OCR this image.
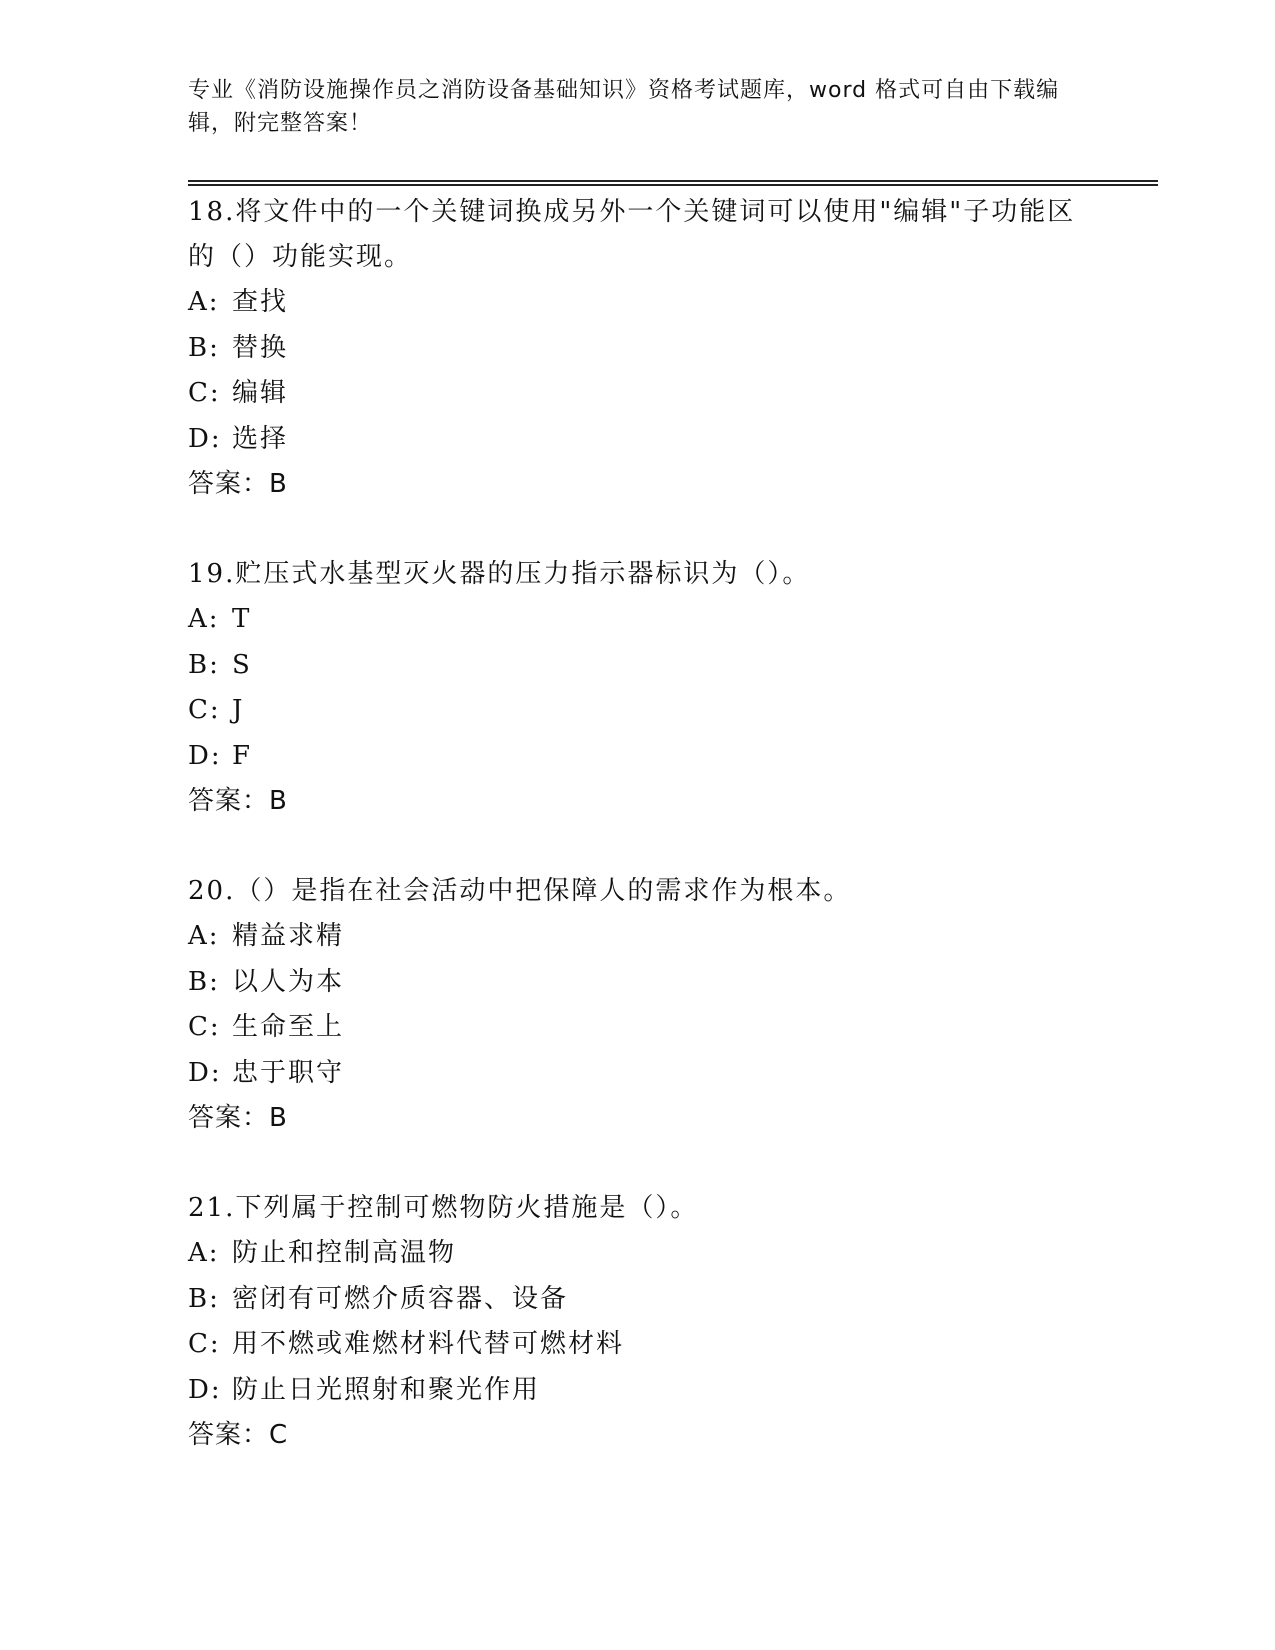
专业《消防设施操作员之消防设备基础知识》资格考试题库，word 格式可自由下载编辑，附完整答案！
18.将文件中的一个关键词换成另外一个关键词可以使用"编辑"子功能区的（）功能实现。
A: 查找
B: 替换
C: 编辑
D: 选择
答案：B
19.贮压式水基型灭火器的压力指示器标识为（）。
A: T
B: S
C: J
D: F
答案：B
20.（）是指在社会活动中把保障人的需求作为根本。
A: 精益求精
B: 以人为本
C: 生命至上
D: 忠于职守
答案：B
21.下列属于控制可燃物防火措施是（）。
A: 防止和控制高温物
B: 密闭有可燃介质容器、设备
C: 用不燃或难燃材料代替可燃材料
D: 防止日光照射和聚光作用
答案：C
